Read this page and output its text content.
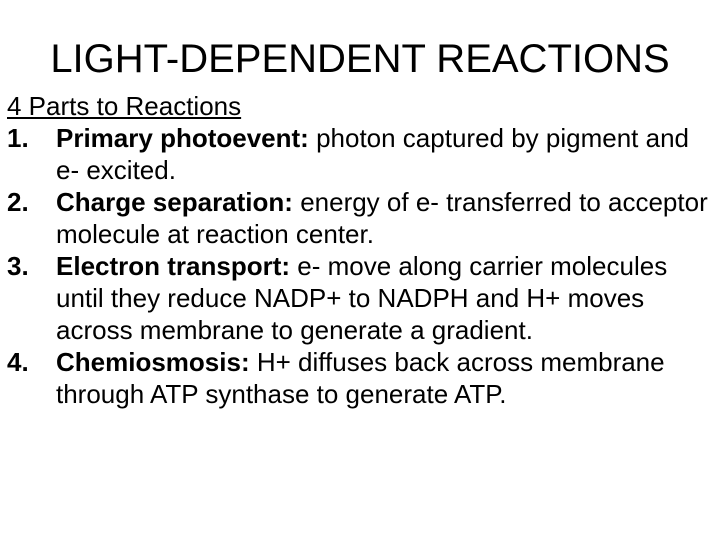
LIGHT-DEPENDENT REACTIONS
4 Parts to Reactions
1. Primary photoevent: photon captured by pigment and e- excited.
2. Charge separation: energy of e- transferred to acceptor molecule at reaction center.
3. Electron transport: e- move along carrier molecules until they reduce NADP+ to NADPH and H+ moves across membrane to generate a gradient.
4. Chemiosmosis: H+ diffuses back across membrane through ATP synthase to generate ATP.
